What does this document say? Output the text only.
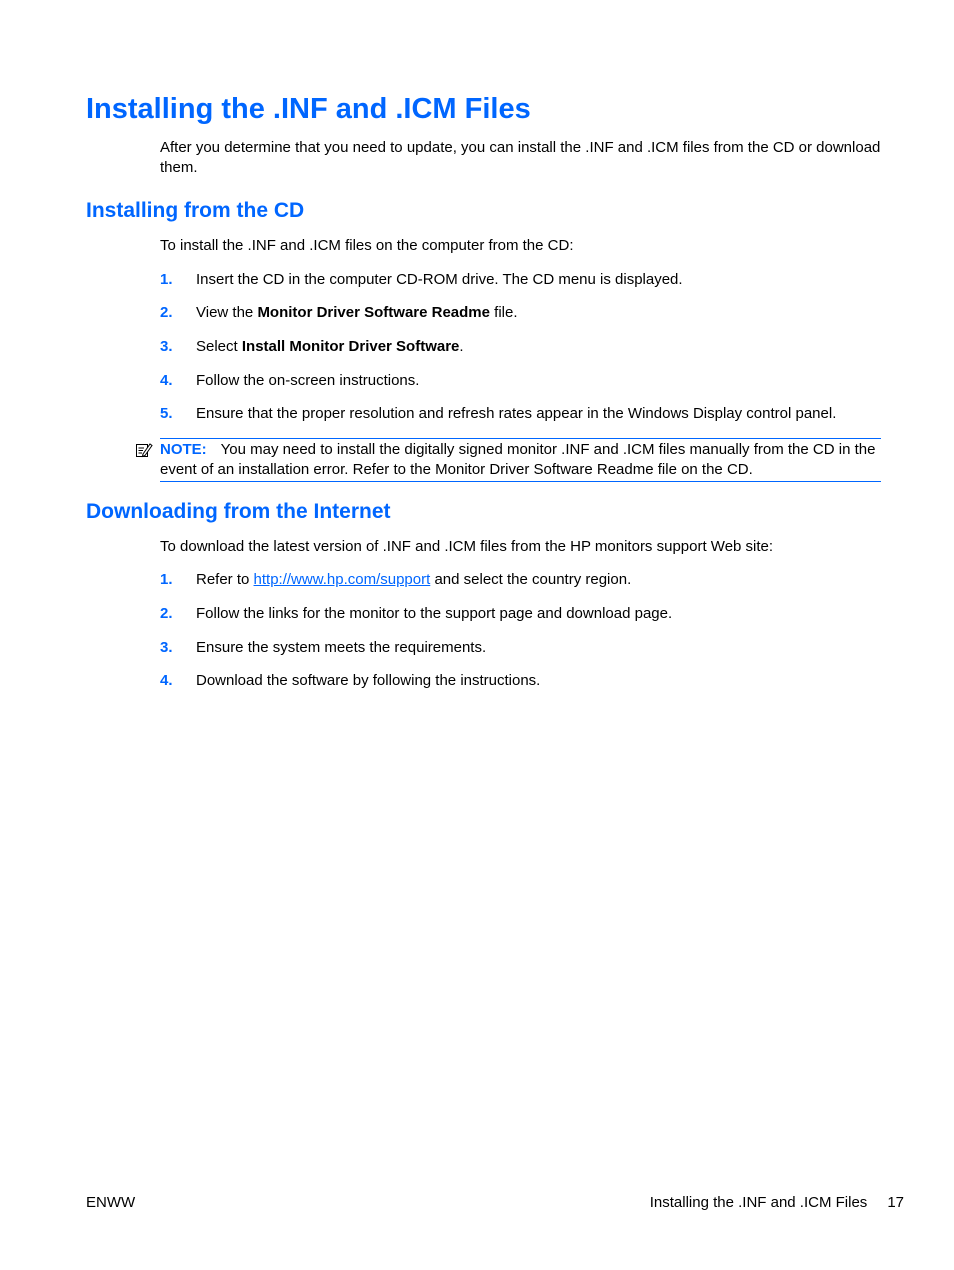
Installing the .INF and .ICM Files

After you determine that you need to update, you can install the .INF and .ICM files from the CD or download them.

Installing from the CD

To install the .INF and .ICM files on the computer from the CD:

1. Insert the CD in the computer CD-ROM drive. The CD menu is displayed.
2. View the Monitor Driver Software Readme file.
3. Select Install Monitor Driver Software.
4. Follow the on-screen instructions.
5. Ensure that the proper resolution and refresh rates appear in the Windows Display control panel.
NOTE: You may need to install the digitally signed monitor .INF and .ICM files manually from the CD in the event of an installation error. Refer to the Monitor Driver Software Readme file on the CD.
Downloading from the Internet

To download the latest version of .INF and .ICM files from the HP monitors support Web site:

1. Refer to http://www.hp.com/support and select the country region.
2. Follow the links for the monitor to the support page and download page.
3. Ensure the system meets the requirements.
4. Download the software by following the instructions.
ENWW	Installing the .INF and .ICM Files 17
